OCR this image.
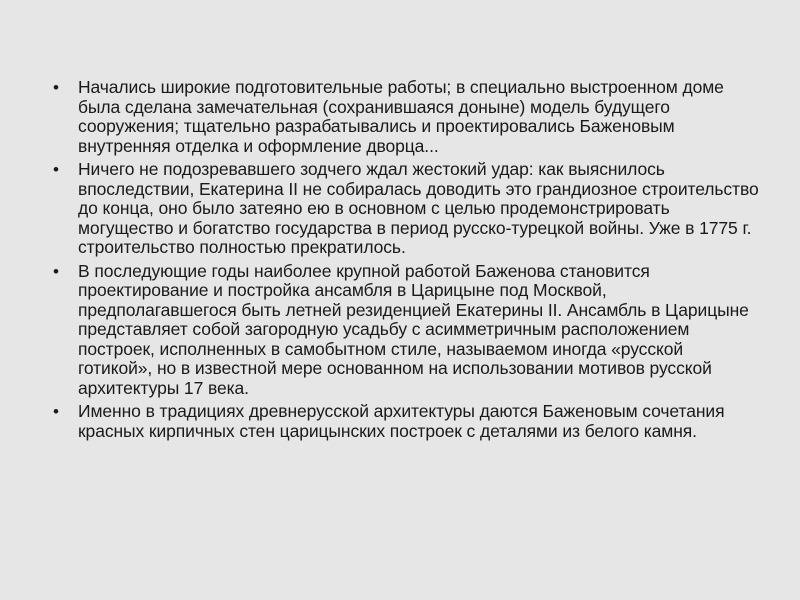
• Начались широкие подготовительные работы; в специально выстроенном доме была сделана замечательная (сохранившаяся доныне) модель будущего сооружения; тщательно разрабатывались и проектировались Баженовым внутренняя отделка и оформление дворца...
• Ничего не подозревавшего зодчего ждал жестокий удар: как выяснилось впоследствии, Екатерина II не собиралась доводить это грандиозное строительство до конца, оно было затеяно ею в основном с целью продемонстрировать могущество и богатство государства в период русско-турецкой войны. Уже в 1775 г. строительство полностью прекратилось.
• В последующие годы наиболее крупной работой Баженова становится проектирование и постройка ансамбля в Царицыне под Москвой, предполагавшегося быть летней резиденцией Екатерины II. Ансамбль в Царицыне представляет собой загородную усадьбу с асимметричным расположением построек, исполненных в самобытном стиле, называемом иногда «русской готикой», но в известной мере основанном на использовании мотивов русской архитектуры 17 века.
• Именно в традициях древнерусской архитектуры даются Баженовым сочетания красных кирпичных стен царицынских построек с деталями из белого камня.
